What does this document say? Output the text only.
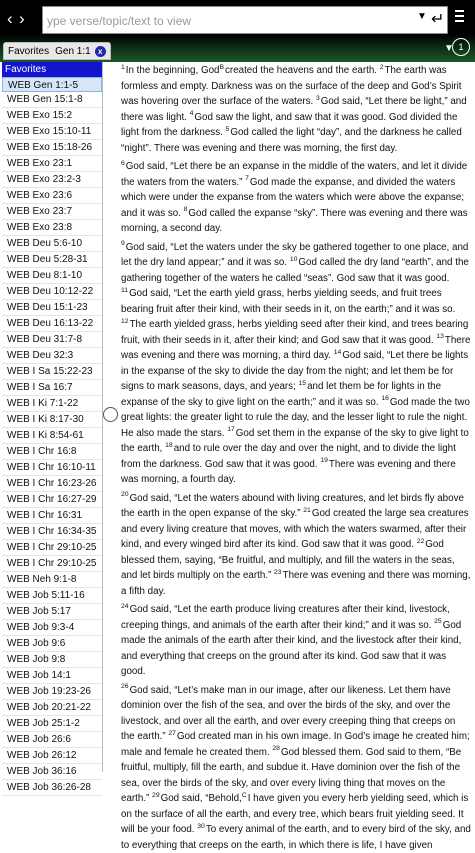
‹ ›
ype verse/topic/text to view	▼ ↵
Favorites Gen 1:1 x	▼ 1
Favorites
WEB Gen 1:1-5
WEB Gen 15:1-8
WEB Exo 15:2
WEB Exo 15:10-11
WEB Exo 15:18-26
WEB Exo 23:1
WEB Exo 23:2-3
WEB Exo 23:6
WEB Exo 23:7
WEB Exo 23:8
WEB Deu 5:6-10
WEB Deu 5:28-31
WEB Deu 8:1-10
WEB Deu 10:12-22
WEB Deu 15:1-23
WEB Deu 16:13-22
WEB Deu 31:7-8
WEB Deu 32:3
WEB I Sa 15:22-23
WEB I Sa 16:7
WEB I Ki 7:1-22
WEB I Ki 8:17-30
WEB I Ki 8:54-61
WEB I Chr 16:8
WEB I Chr 16:10-11
WEB I Chr 16:23-26
WEB I Chr 16:27-29
WEB I Chr 16:31
WEB I Chr 16:34-35
WEB I Chr 29:10-25
WEB I Chr 29:10-25
WEB Neh 9:1-8
WEB Job 5:11-16
WEB Job 5:17
WEB Job 9:3-4
WEB Job 9:6
WEB Job 9:8
WEB Job 14:1
WEB Job 19:23-26
WEB Job 20:21-22
WEB Job 25:1-2
WEB Job 26:6
WEB Job 26:12
WEB Job 36:16
WEB Job 36:26-28

$^1$In the beginning, God$^B$created the heavens and the earth. $^2$The earth was formless and empty. Darkness was on the surface of the deep and God’s Spirit was hovering over the surface of the waters. $^3$God said, “Let there be light,” and there was light. $^4$God saw the light, and saw that it was good. God divided the light from the darkness. $^5$God called the light “day”, and the darkness he called “night”. There was evening and there was morning, the first day.

$^6$God said, “Let there be an expanse in the middle of the waters, and let it divide the waters from the waters.” $^7$God made the expanse, and divided the waters which were under the expanse from the waters which were above the expanse; and it was so. $^8$God called the expanse “sky”. There was evening and there was morning, a second day.

$^9$God said, “Let the waters under the sky be gathered together to one place, and let the dry land appear;” and it was so. $^{10}$God called the dry land “earth”, and the gathering together of the waters he called “seas”. God saw that it was good. $^{11}$God said, “Let the earth yield grass, herbs yielding seeds, and fruit trees bearing fruit after their kind, with their seeds in it, on the earth;” and it was so. $^{12}$The earth yielded grass, herbs yielding seed after their kind, and trees bearing fruit, with their seeds in it, after their kind; and God saw that it was good. $^{13}$There was evening and there was morning, a third day. $^{14}$God said, “Let there be lights in the expanse of the sky to divide the day from the night; and let them be for signs to mark seasons, days, and years; $^{15}$and let them be for lights in the expanse of the sky to give light on the earth;” and it was so. $^{16}$God made the two great lights: the greater light to rule the day, and the lesser light to rule the night. He also made the stars. $^{17}$God set them in the expanse of the sky to give light to the earth, $^{18}$and to rule over the day and over the night, and to divide the light from the darkness. God saw that it was good. $^{19}$There was evening and there was morning, a fourth day.

$^{20}$God said, “Let the waters abound with living creatures, and let birds fly above the earth in the open expanse of the sky.” $^{21}$God created the large sea creatures and every living creature that moves, with which the waters swarmed, after their kind, and every winged bird after its kind. God saw that it was good. $^{22}$God blessed them, saying, “Be fruitful, and multiply, and fill the waters in the seas, and let birds multiply on the earth.” $^{23}$There was evening and there was morning, a fifth day.

$^{24}$God said, “Let the earth produce living creatures after their kind, livestock, creeping things, and animals of the earth after their kind;” and it was so. $^{25}$God made the animals of the earth after their kind, and the livestock after their kind, and everything that creeps on the ground after its kind. God saw that it was good.

$^{26}$God said, “Let’s make man in our image, after our likeness. Let them have dominion over the fish of the sea, and over the birds of the sky, and over the livestock, and over all the earth, and over every creeping thing that creeps on the earth.” $^{27}$God created man in his own image. In God’s image he created him; male and female he created them. $^{28}$God blessed them. God said to them, “Be fruitful, multiply, fill the earth, and subdue it. Have dominion over the fish of the sea, over the birds of the sky, and over every living thing that moves on the earth.” $^{29}$God said, “Behold,$^C$I have given you every herb yielding seed, which is on the surface of all the earth, and every tree, which bears fruit yielding seed. It will be your food. $^{30}$To every animal of the earth, and to every bird of the sky, and to everything that creeps on the earth, in which there is life, I have given
